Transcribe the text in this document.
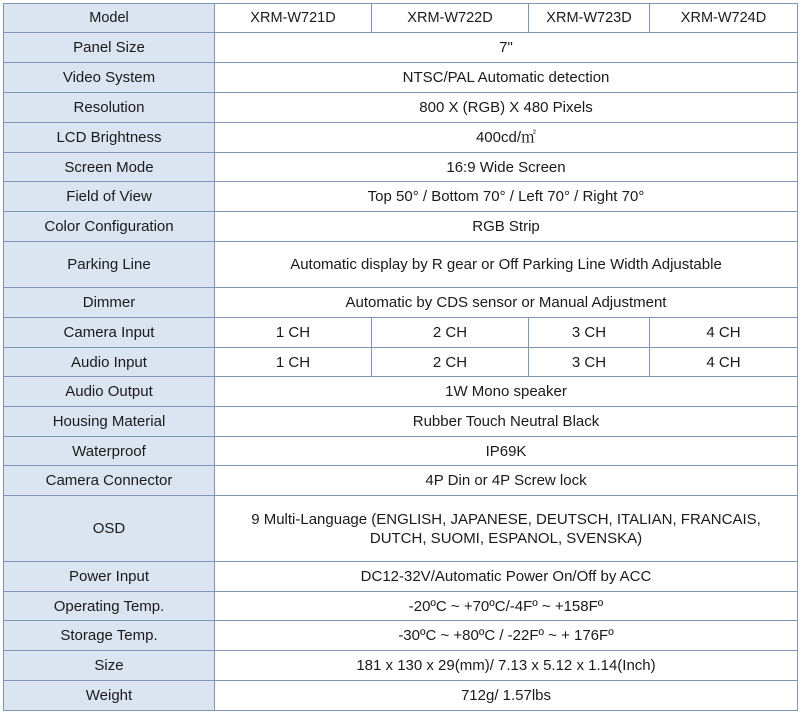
Model	XRM-W721D	XRM-W722D	XRM-W723D	XRM-W724D
Panel Size	7"			
Video System	NTSC/PAL Automatic detection			
Resolution	800 X (RGB) X 480 Pixels			
LCD Brightness	400cd/㎡			
Screen Mode	16:9 Wide Screen			
Field of View	Top 50° / Bottom 70° / Left 70° / Right 70°			
Color Configuration	RGB Strip			
Parking Line	Automatic display by R gear or Off Parking Line Width Adjustable			
Dimmer	Automatic by CDS sensor or Manual Adjustment			
Camera Input	1 CH	2 CH	3 CH	4 CH
Audio Input	1 CH	2 CH	3 CH	4 CH
Audio Output	1W Mono speaker			
Housing Material	Rubber Touch Neutral Black			
Waterproof	IP69K			
Camera Connector	4P Din or 4P Screw lock			
OSD	9 Multi-Language (ENGLISH, JAPANESE, DEUTSCH, ITALIAN, FRANCAIS,
DUTCH, SUOMI, ESPANOL, SVENSKA)			
Power Input	DC12-32V/Automatic Power On/Off by ACC			
Operating Temp.	-20ºC ~ +70ºC/-4Fº ~ +158Fº			
Storage Temp.	-30ºC ~ +80ºC / -22Fº ~ + 176Fº			
Size	181 x 130 x 29(mm)/ 7.13 x 5.12 x 1.14(Inch)			
Weight	712g/ 1.57lbs			
